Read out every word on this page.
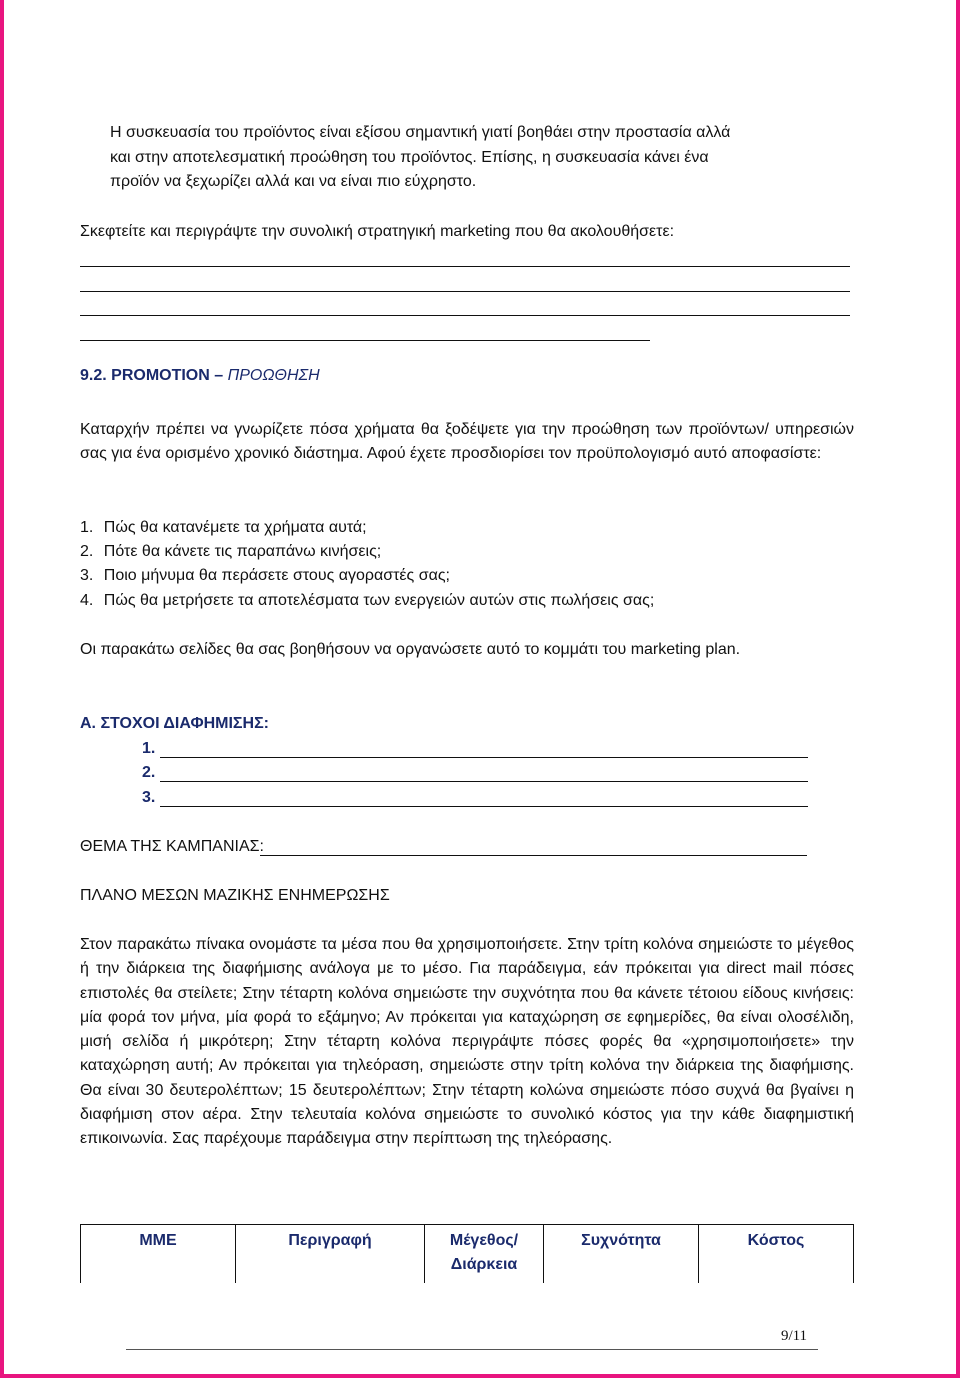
Η συσκευασία του προϊόντος είναι εξίσου σημαντική γιατί βοηθάει στην προστασία αλλά
και στην αποτελεσματική προώθηση του προϊόντος. Επίσης, η συσκευασία κάνει ένα
προϊόν να ξεχωρίζει αλλά και να είναι πιο εύχρηστο.
Σκεφτείτε και περιγράψτε την συνολική στρατηγική marketing που θα ακολουθήσετε:
9.2. PROMOTION – ΠΡΟΩΘΗΣΗ
Καταρχήν πρέπει να γνωρίζετε πόσα χρήματα θα ξοδέψετε για την προώθηση των προϊόντων/ υπηρεσιών σας για ένα ορισμένο χρονικό διάστημα. Αφού έχετε προσδιορίσει τον προϋπολογισμό αυτό αποφασίστε:
1. Πώς θα κατανέμετε τα χρήματα αυτά;
2. Πότε θα κάνετε τις παραπάνω κινήσεις;
3. Ποιο μήνυμα θα περάσετε στους αγοραστές σας;
4. Πώς θα μετρήσετε τα αποτελέσματα των ενεργειών αυτών στις πωλήσεις σας;
Οι παρακάτω σελίδες θα σας βοηθήσουν να οργανώσετε αυτό το κομμάτι του marketing plan.
Α. ΣΤΟΧΟΙ ΔΙΑΦΗΜΙΣΗΣ:
1.
2.
3.
ΘΕΜΑ ΤΗΣ ΚΑΜΠΑΝΙΑΣ:
ΠΛΑΝΟ ΜΕΣΩΝ ΜΑΖΙΚΗΣ ΕΝΗΜΕΡΩΣΗΣ
Στον παρακάτω πίνακα ονομάστε τα μέσα που θα χρησιμοποιήσετε. Στην τρίτη κολόνα σημειώστε το μέγεθος ή την διάρκεια της διαφήμισης ανάλογα με το μέσο. Για παράδειγμα, εάν πρόκειται για direct mail πόσες επιστολές θα στείλετε; Στην τέταρτη κολόνα σημειώστε την συχνότητα που θα κάνετε τέτοιου είδους κινήσεις: μία φορά τον μήνα, μία φορά το εξάμηνο; Αν πρόκειται για καταχώρηση σε εφημερίδες, θα είναι ολοσέλιδη, μισή σελίδα ή μικρότερη; Στην τέταρτη κολόνα περιγράψτε πόσες φορές θα «χρησιμοποιήσετε» την καταχώρηση αυτή; Αν πρόκειται για τηλεόραση, σημειώστε στην τρίτη κολόνα την διάρκεια της διαφήμισης. Θα είναι 30 δευτερολέπτων; 15 δευτερολέπτων; Στην τέταρτη κολώνα σημειώστε πόσο συχνά θα βγαίνει η διαφήμιση στον αέρα. Στην τελευταία κολόνα σημειώστε το συνολικό κόστος για την κάθε διαφημιστική επικοινωνία. Σας παρέχουμε παράδειγμα στην περίπτωση της τηλεόρασης.
ΜΜΕ	Περιγραφή	Μέγεθος/ Διάρκεια	Συχνότητα	Κόστος
9/11
